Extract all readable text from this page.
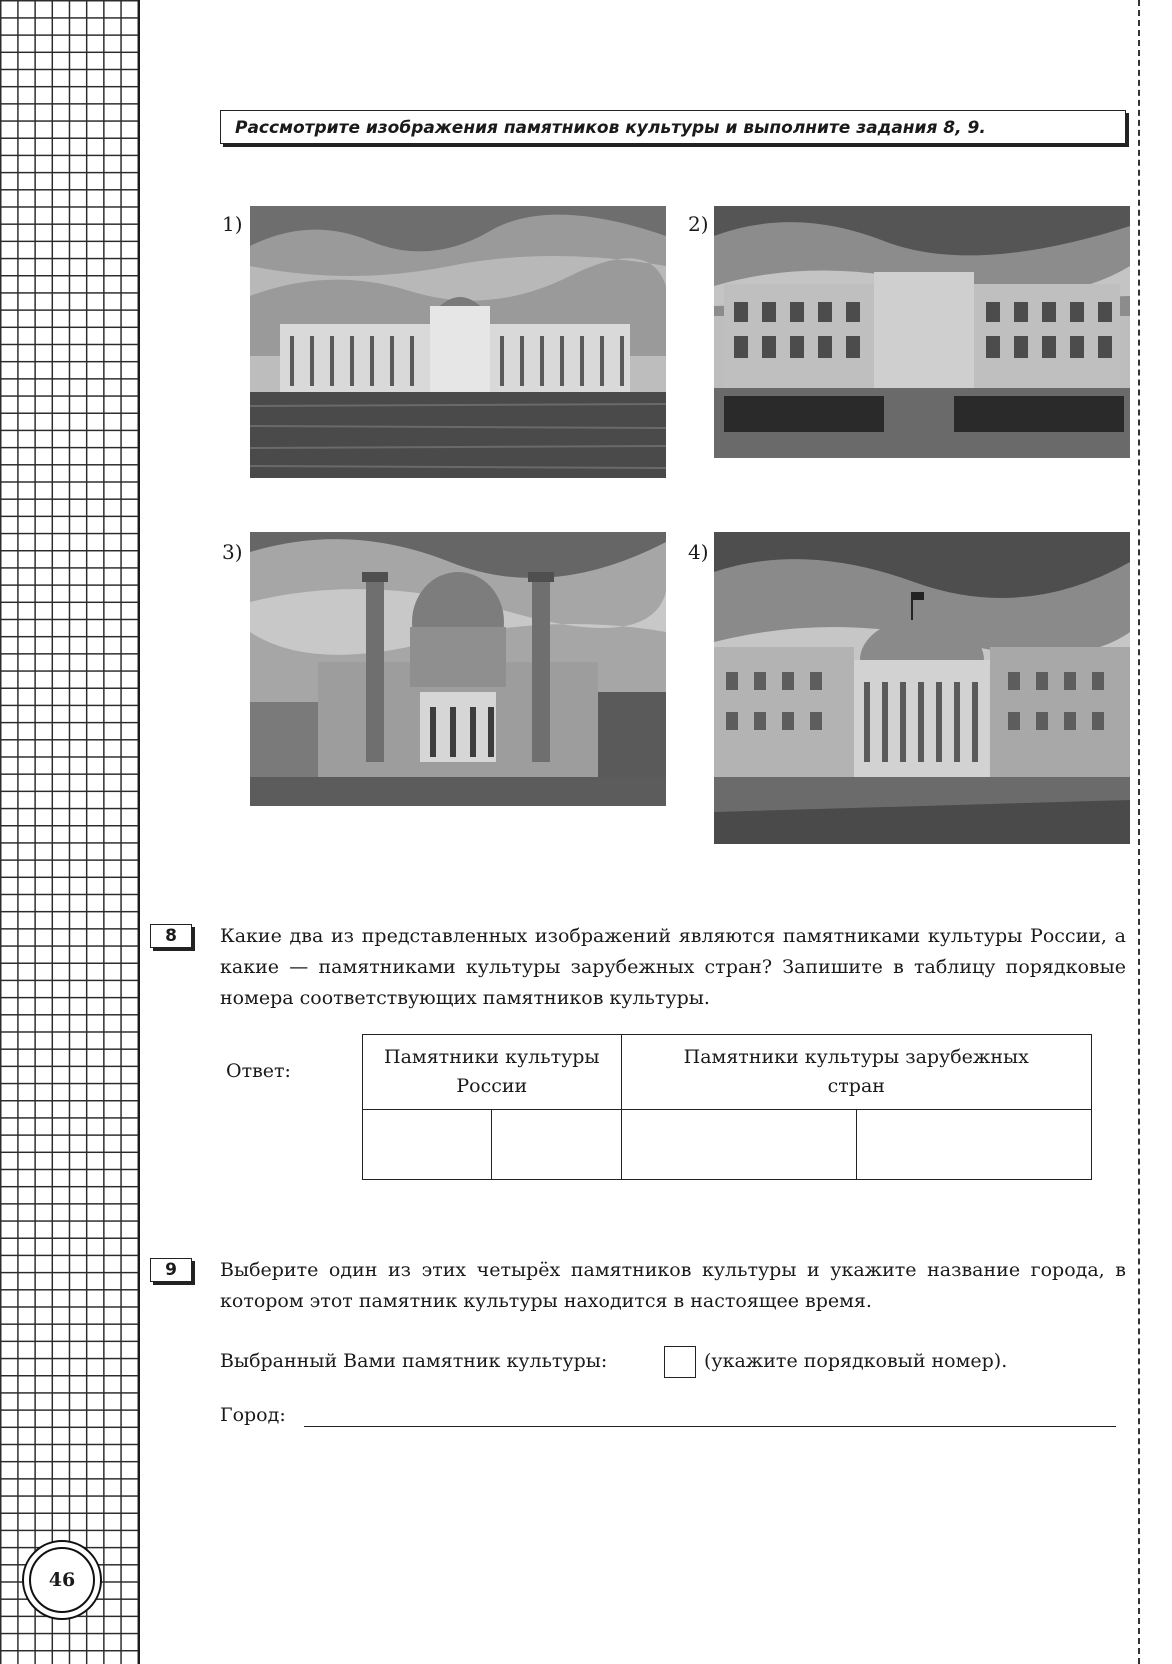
Рассмотрите изображения памятников культуры и выполните задания 8, 9.
1)	2)
3)	4)
8	Какие два из представленных изображений являются памятниками культуры России, а какие — памятниками культуры зарубежных стран? Запишите в таблицу порядковые номера соответствующих памятников культуры.
Ответ:
Памятники культуры России		Памятники культуры зарубежных стран	

9	Выберите один из этих четырёх памятников культуры и укажите название города, в котором этот памятник культуры находится в настоящее время.
Выбранный Вами памятник культуры:	(укажите порядковый номер).
Город:
46
